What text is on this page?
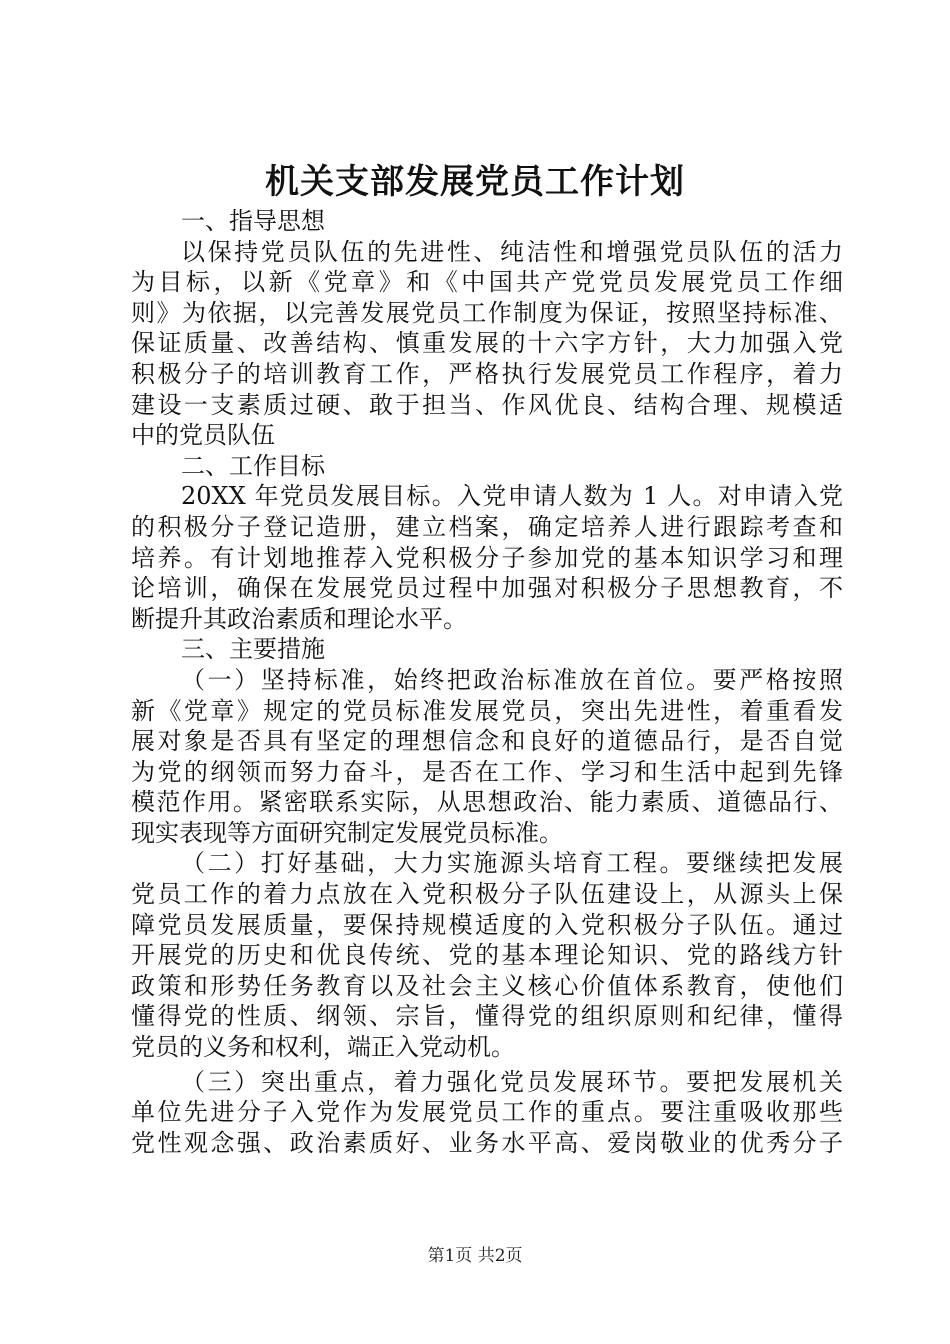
机关支部发展党员工作计划
一、指导思想
以保持党员队伍的先进性、纯洁性和增强党员队伍的活力
为目标，以新《党章》和《中国共产党党员发展党员工作细
则》为依据，以完善发展党员工作制度为保证，按照坚持标准、
保证质量、改善结构、慎重发展的十六字方针，大力加强入党
积极分子的培训教育工作，严格执行发展党员工作程序，着力
建设一支素质过硬、敢于担当、作风优良、结构合理、规模适
中的党员队伍
二、工作目标
20XX 年党员发展目标。入党申请人数为 1 人。对申请入党
的积极分子登记造册，建立档案，确定培养人进行跟踪考查和
培养。有计划地推荐入党积极分子参加党的基本知识学习和理
论培训，确保在发展党员过程中加强对积极分子思想教育，不
断提升其政治素质和理论水平。
三、主要措施
（一）坚持标准，始终把政治标准放在首位。要严格按照
新《党章》规定的党员标准发展党员，突出先进性，着重看发
展对象是否具有坚定的理想信念和良好的道德品行，是否自觉
为党的纲领而努力奋斗，是否在工作、学习和生活中起到先锋
模范作用。紧密联系实际，从思想政治、能力素质、道德品行、
现实表现等方面研究制定发展党员标准。
（二）打好基础，大力实施源头培育工程。要继续把发展
党员工作的着力点放在入党积极分子队伍建设上，从源头上保
障党员发展质量，要保持规模适度的入党积极分子队伍。通过
开展党的历史和优良传统、党的基本理论知识、党的路线方针
政策和形势任务教育以及社会主义核心价值体系教育，使他们
懂得党的性质、纲领、宗旨，懂得党的组织原则和纪律，懂得
党员的义务和权利，端正入党动机。
（三）突出重点，着力强化党员发展环节。要把发展机关
单位先进分子入党作为发展党员工作的重点。要注重吸收那些
党性观念强、政治素质好、业务水平高、爱岗敬业的优秀分子
第1页 共2页
